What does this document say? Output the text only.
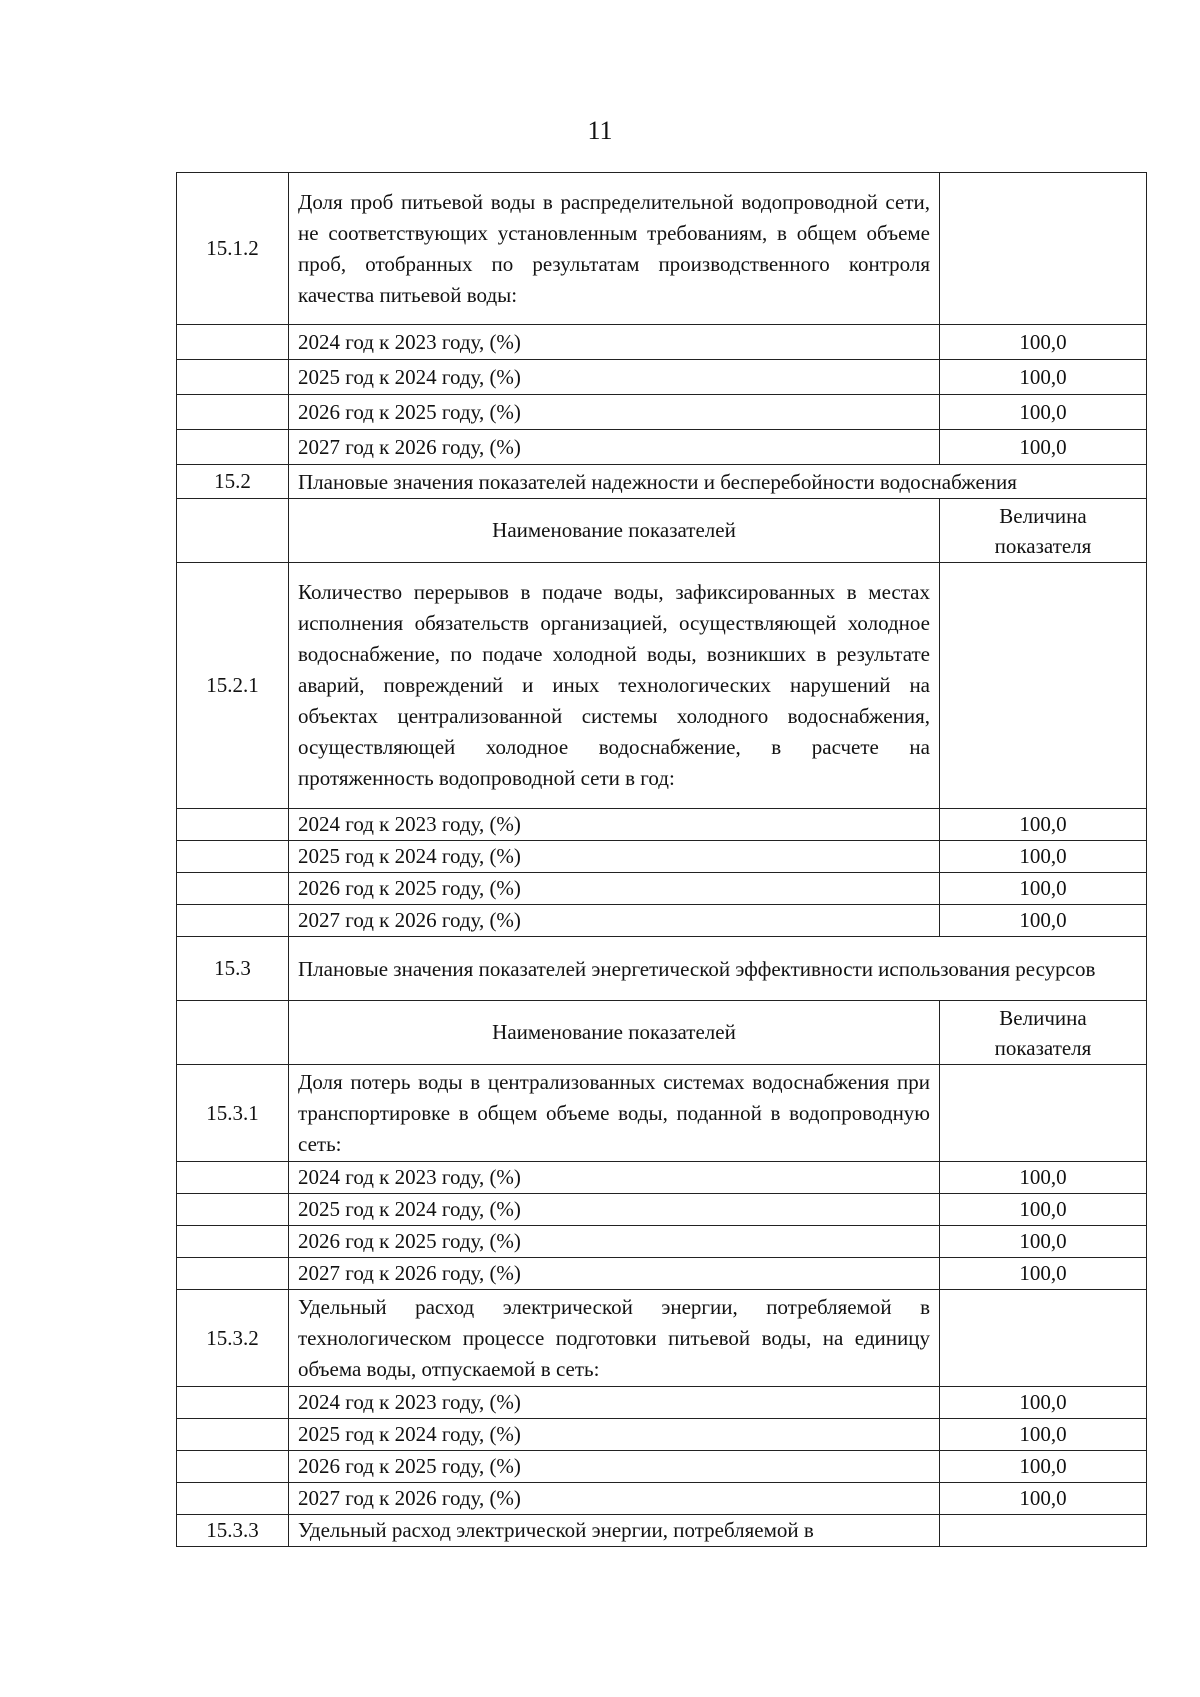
11
15.1.2	Доля проб питьевой воды в распределительной водопроводной сети, не соответствующих установленным требованиям, в общем объеме проб, отобранных по результатам производственного контроля качества питьевой воды:	
	2024 год к 2023 году, (%)	100,0
	2025 год к 2024 году, (%)	100,0
	2026 год к 2025 году, (%)	100,0
	2027 год к 2026 году, (%)	100,0
15.2	Плановые значения показателей надежности и бесперебойности водоснабжения	
	Наименование показателей	Величина показателя
15.2.1	Количество перерывов в подаче воды, зафиксированных в местах исполнения обязательств организацией, осуществляющей холодное водоснабжение, по подаче холодной воды, возникших в результате аварий, повреждений и иных технологических нарушений на объектах централизованной системы холодного водоснабжения, осуществляющей холодное водоснабжение, в расчете на протяженность водопроводной сети в год:	
	2024 год к 2023 году, (%)	100,0
	2025 год к 2024 году, (%)	100,0
	2026 год к 2025 году, (%)	100,0
	2027 год к 2026 году, (%)	100,0
15.3	Плановые значения показателей энергетической эффективности использования ресурсов	
	Наименование показателей	Величина показателя
15.3.1	Доля потерь воды в централизованных системах водоснабжения при транспортировке в общем объеме воды, поданной в водопроводную сеть:	
	2024 год к 2023 году, (%)	100,0
	2025 год к 2024 году, (%)	100,0
	2026 год к 2025 году, (%)	100,0
	2027 год к 2026 году, (%)	100,0
15.3.2	Удельный расход электрической энергии, потребляемой в технологическом процессе подготовки питьевой воды, на единицу объема воды, отпускаемой в сеть:	
	2024 год к 2023 году, (%)	100,0
	2025 год к 2024 году, (%)	100,0
	2026 год к 2025 году, (%)	100,0
	2027 год к 2026 году, (%)	100,0
15.3.3	Удельный расход электрической энергии, потребляемой в	
